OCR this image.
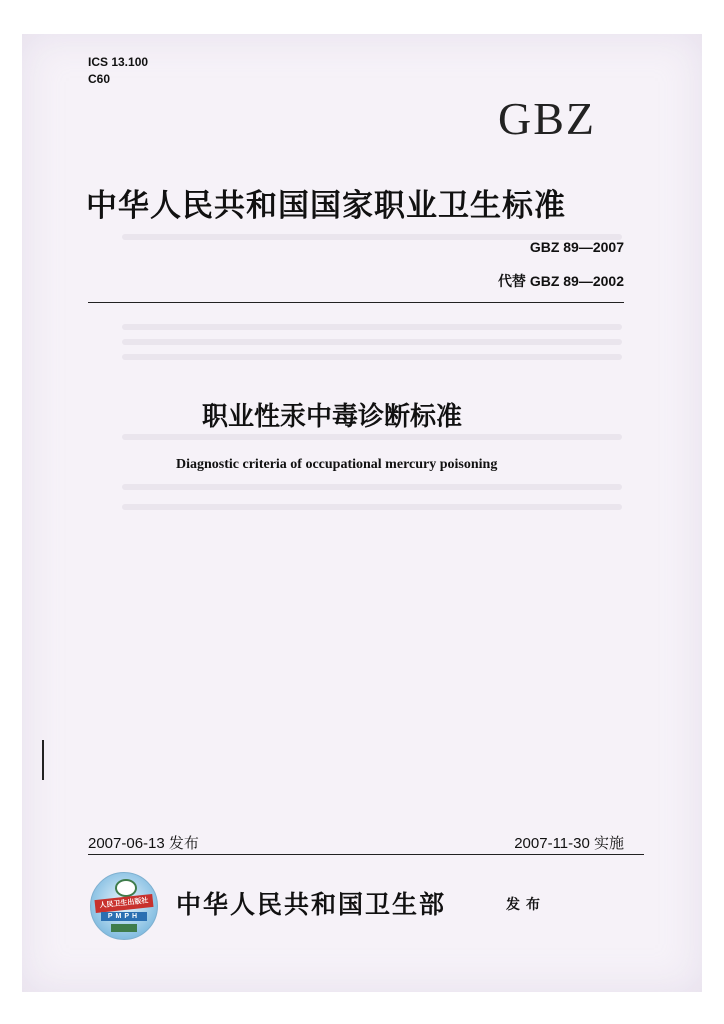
ICS 13.100
C60
GBZ
中华人民共和国国家职业卫生标准
GBZ 89—2007
代替 GBZ 89—2002
职业性汞中毒诊断标准
Diagnostic criteria of occupational mercury poisoning
2007-06-13 发布	2007-11-30 实施
人民卫生出版社
PMPH 中华人民共和国卫生部	发布
